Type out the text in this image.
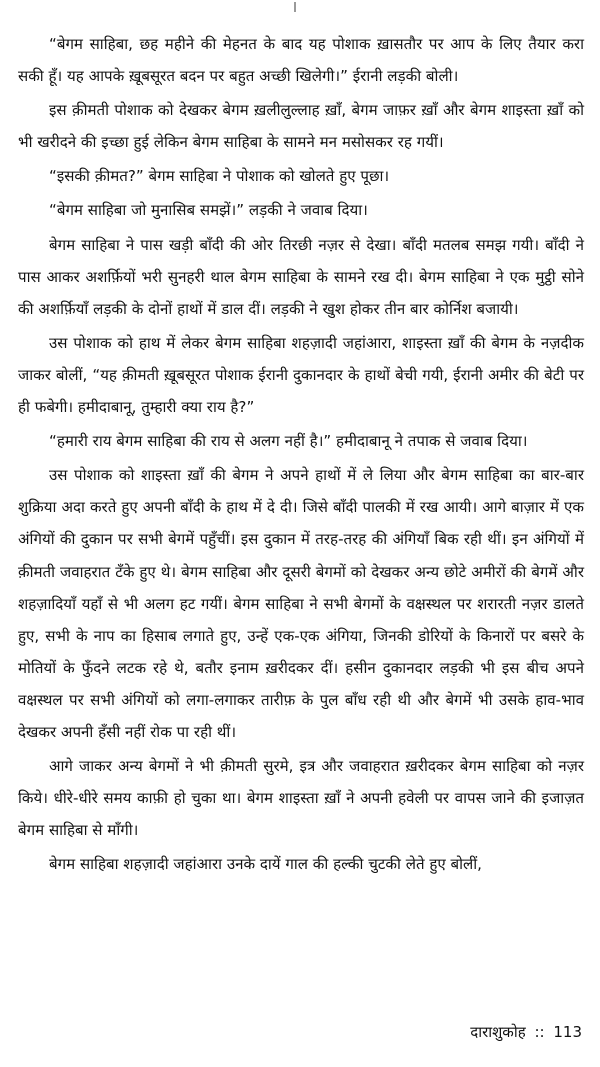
“बेगम साहिबा, छह महीने की मेहनत के बाद यह पोशाक ख़ासतौर पर आप के लिए तैयार करा सकी हूँ। यह आपके ख़ूबसूरत बदन पर बहुत अच्छी खिलेगी।” ईरानी लड़की बोली।

इस क़ीमती पोशाक को देखकर बेगम ख़लीलुल्लाह ख़ाँ, बेगम जाफ़र ख़ाँ और बेगम शाइस्ता ख़ाँ को भी खरीदने की इच्छा हुई लेकिन बेगम साहिबा के सामने मन मसोसकर रह गयीं।

“इसकी क़ीमत?” बेगम साहिबा ने पोशाक को खोलते हुए पूछा।

“बेगम साहिबा जो मुनासिब समझें।” लड़की ने जवाब दिया।

बेगम साहिबा ने पास खड़ी बाँदी की ओर तिरछी नज़र से देखा। बाँदी मतलब समझ गयी। बाँदी ने पास आकर अशर्फ़ियों भरी सुनहरी थाल बेगम साहिबा के सामने रख दी। बेगम साहिबा ने एक मुट्ठी सोने की अशर्फ़ियाँ लड़की के दोनों हाथों में डाल दीं। लड़की ने खुश होकर तीन बार कोर्निश बजायी।

उस पोशाक को हाथ में लेकर बेगम साहिबा शहज़ादी जहांआरा, शाइस्ता ख़ाँ की बेगम के नज़दीक जाकर बोलीं, “यह क़ीमती ख़ूबसूरत पोशाक ईरानी दुकानदार के हाथों बेची गयी, ईरानी अमीर की बेटी पर ही फबेगी। हमीदाबानू, तुम्हारी क्या राय है?”

“हमारी राय बेगम साहिबा की राय से अलग नहीं है।” हमीदाबानू ने तपाक से जवाब दिया।

उस पोशाक को शाइस्ता ख़ाँ की बेगम ने अपने हाथों में ले लिया और बेगम साहिबा का बार-बार शुक्रिया अदा करते हुए अपनी बाँदी के हाथ में दे दी। जिसे बाँदी पालकी में रख आयी। आगे बाज़ार में एक अंगियों की दुकान पर सभी बेगमें पहुँचीं। इस दुकान में तरह-तरह की अंगियाँ बिक रही थीं। इन अंगियों में क़ीमती जवाहरात टँके हुए थे। बेगम साहिबा और दूसरी बेगमों को देखकर अन्य छोटे अमीरों की बेगमें और शहज़ादियाँ यहाँ से भी अलग हट गयीं। बेगम साहिबा ने सभी बेगमों के वक्षस्थल पर शरारती नज़र डालते हुए, सभी के नाप का हिसाब लगाते हुए, उन्हें एक-एक अंगिया, जिनकी डोरियों के किनारों पर बसरे के मोतियों के फुँदने लटक रहे थे, बतौर इनाम ख़रीदकर दीं। हसीन दुकानदार लड़की भी इस बीच अपने वक्षस्थल पर सभी अंगियों को लगा-लगाकर तारीफ़ के पुल बाँध रही थी और बेगमें भी उसके हाव-भाव देखकर अपनी हँसी नहीं रोक पा रही थीं।

आगे जाकर अन्य बेगमों ने भी क़ीमती सुरमे, इत्र और जवाहरात ख़रीदकर बेगम साहिबा को नज़र किये। धीरे-धीरे समय काफ़ी हो चुका था। बेगम शाइस्ता ख़ाँ ने अपनी हवेली पर वापस जाने की इजाज़त बेगम साहिबा से माँगी।

बेगम साहिबा शहज़ादी जहांआरा उनके दायें गाल की हल्की चुटकी लेते हुए बोलीं,

दाराशुकोह :: 113
